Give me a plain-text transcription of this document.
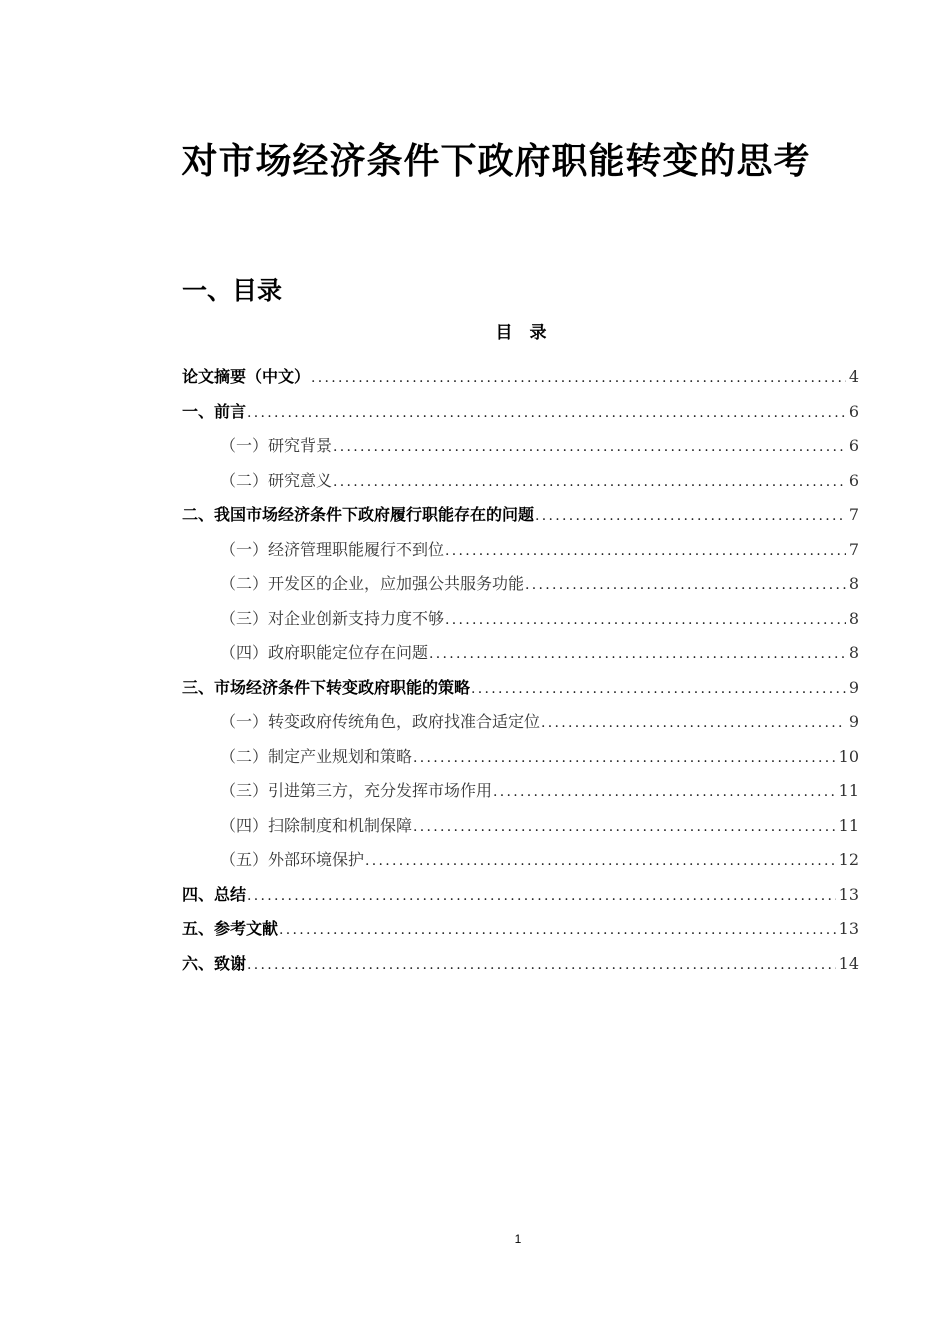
对市场经济条件下政府职能转变的思考
一、目录
目　录
论文摘要（中文） .....	4
一、前言 .....	6
（一）研究背景 .....	6
（二）研究意义 .....	6
二、我国市场经济条件下政府履行职能存在的问题 .....	7
（一）经济管理职能履行不到位 .....	7
（二）开发区的企业，应加强公共服务功能 .....	8
（三）对企业创新支持力度不够 .....	8
（四）政府职能定位存在问题 .....	8
三、市场经济条件下转变政府职能的策略 .....	9
（一）转变政府传统角色，政府找准合适定位 .....	9
（二）制定产业规划和策略 .....	10
（三）引进第三方，充分发挥市场作用 .....	11
（四）扫除制度和机制保障 .....	11
（五）外部环境保护 .....	12
四、总结 .....	13
五、参考文献 .....	13
六、致谢 .....	14
1
